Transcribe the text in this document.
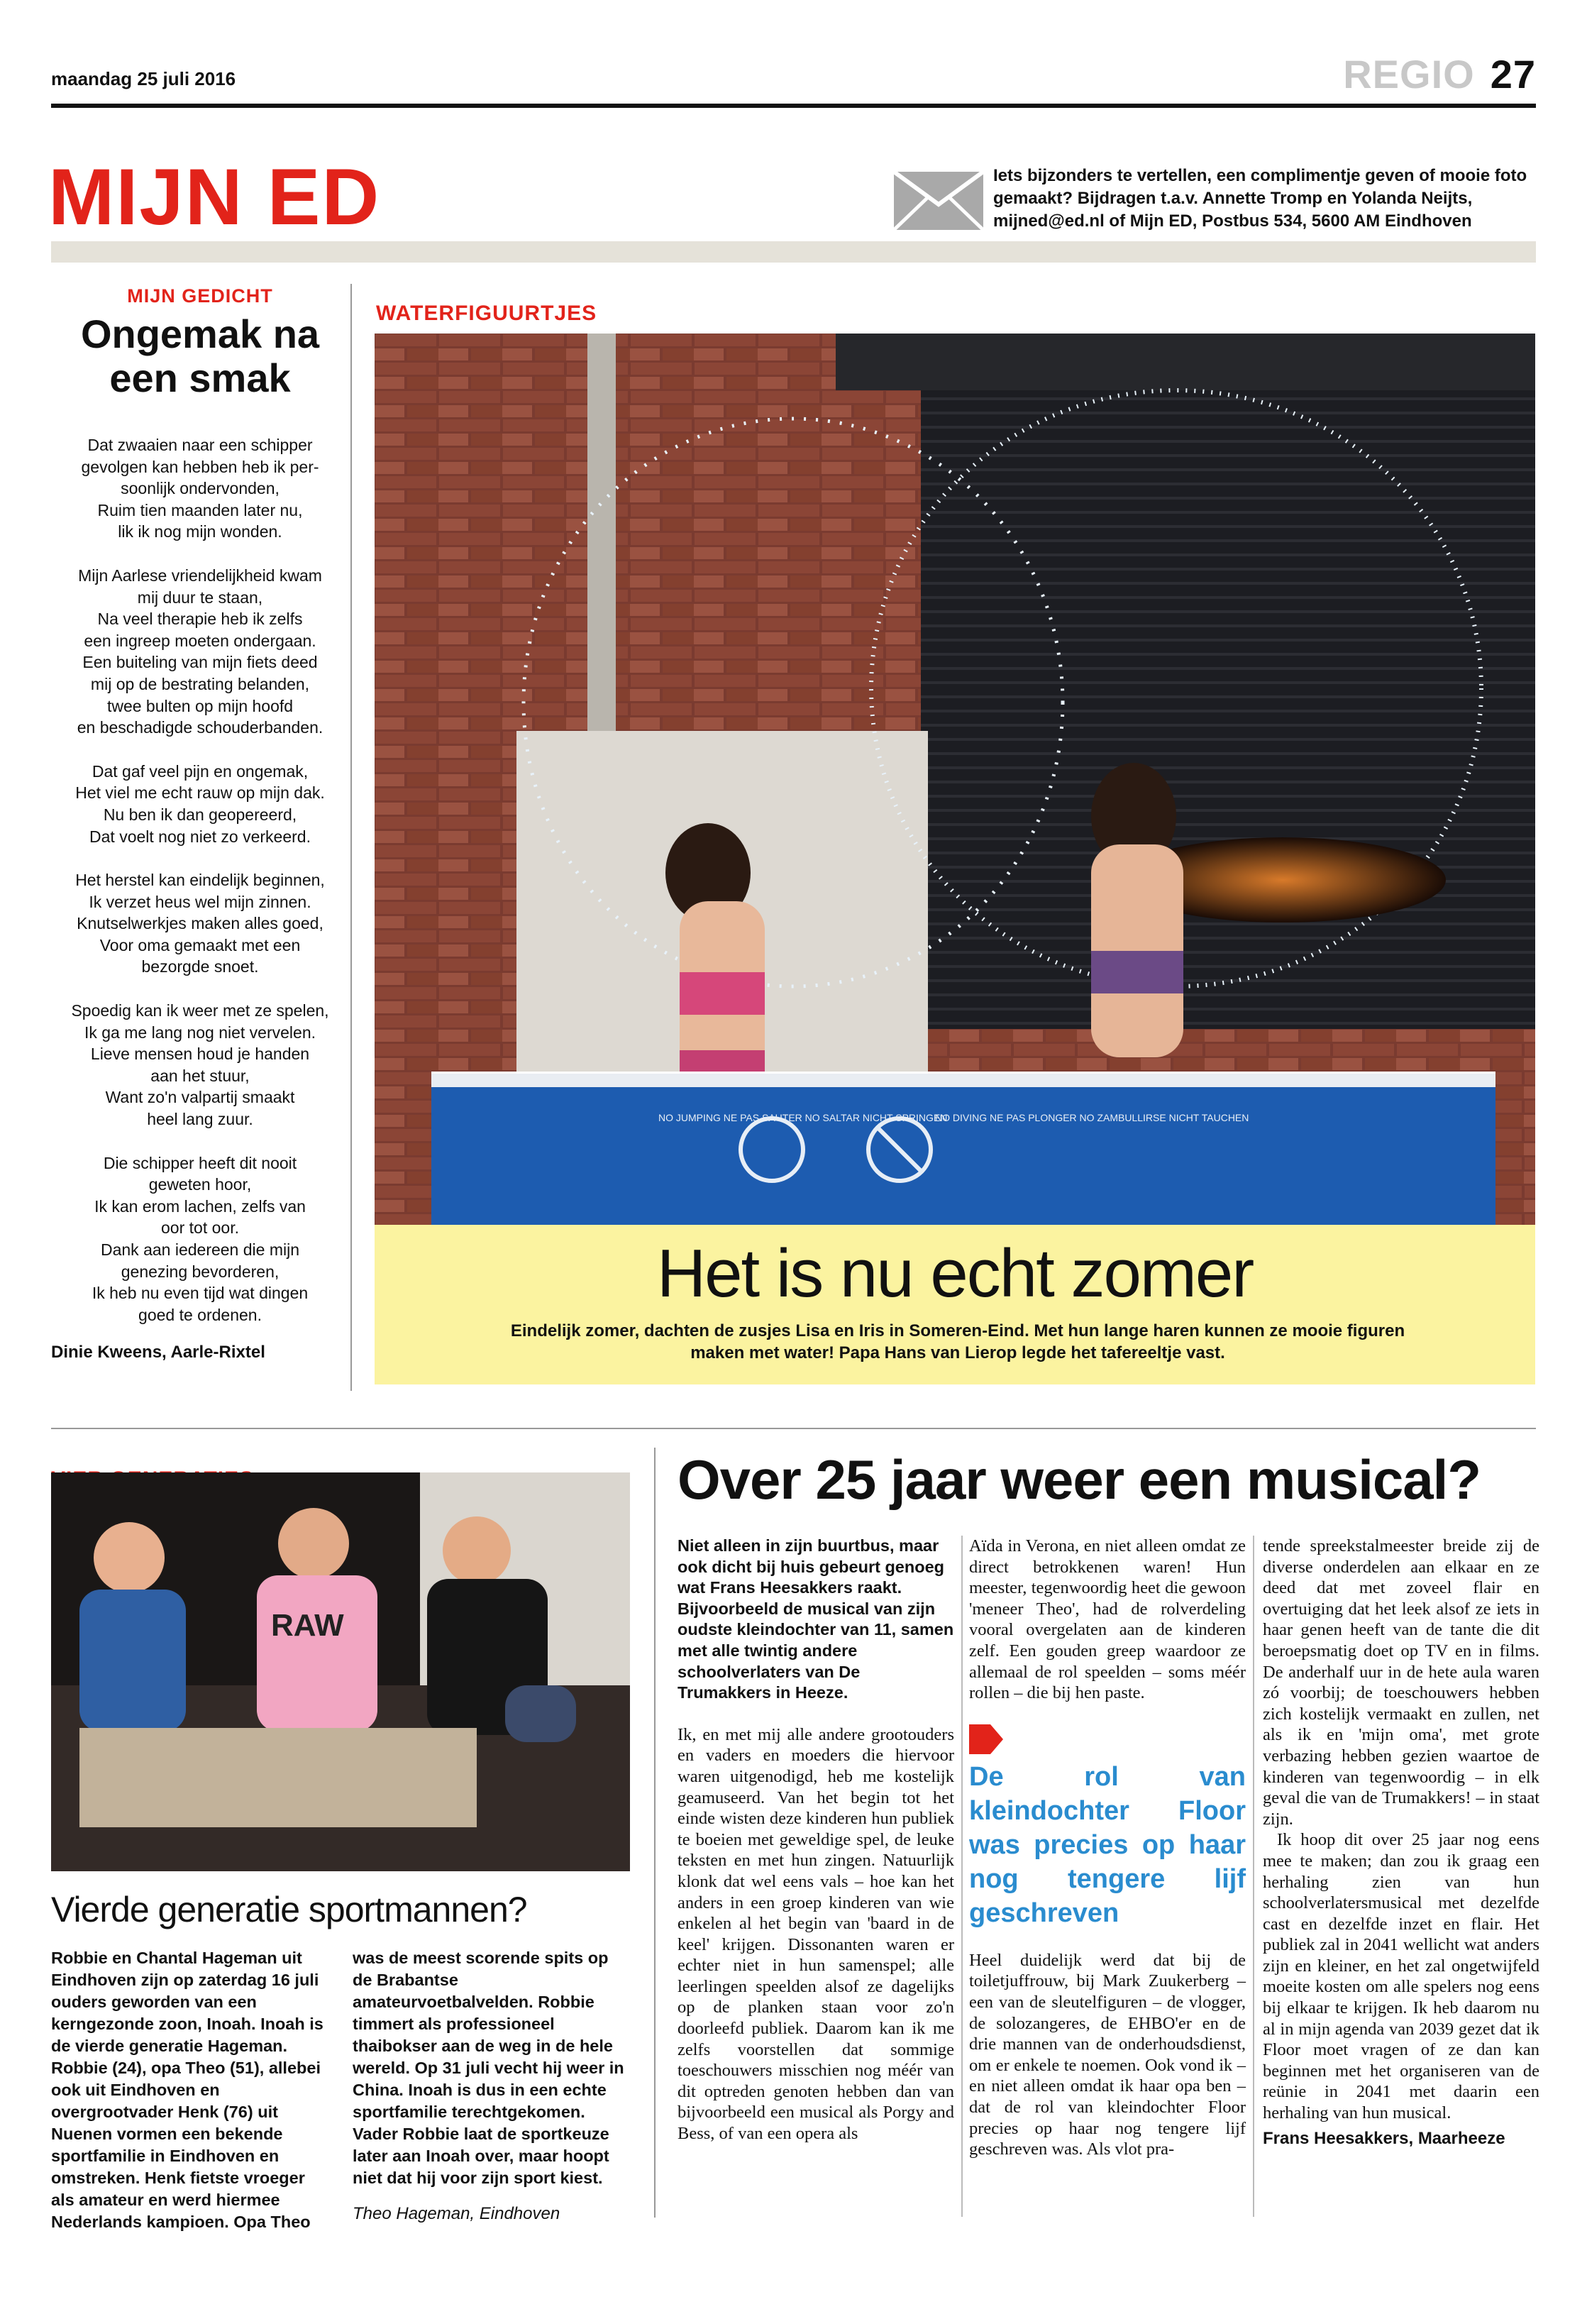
maandag 25 juli 2016	REGIO 27
MIJN ED	Iets bijzonders te vertellen, een complimentje geven of mooie foto gemaakt? Bijdragen t.a.v. Annette Tromp en Yolanda Neijts, mijned@ed.nl of Mijn ED, Postbus 534, 5600 AM Eindhoven
MIJN GEDICHT
Ongemak na een smak

Dat zwaaien naar een schipper
gevolgen kan hebben heb ik per-
soonlijk ondervonden,
Ruim tien maanden later nu,
lik ik nog mijn wonden.

Mijn Aarlese vriendelijkheid kwam
mij duur te staan,
Na veel therapie heb ik zelfs
een ingreep moeten ondergaan.
Een buiteling van mijn fiets deed
mij op de bestrating belanden,
twee bulten op mijn hoofd
en beschadigde schouderbanden.

Dat gaf veel pijn en ongemak,
Het viel me echt rauw op mijn dak.
Nu ben ik dan geopereerd,
Dat voelt nog niet zo verkeerd.

Het herstel kan eindelijk beginnen,
Ik verzet heus wel mijn zinnen.
Knutselwerkjes maken alles goed,
Voor oma gemaakt met een
bezorgde snoet.

Spoedig kan ik weer met ze spelen,
Ik ga me lang nog niet vervelen.
Lieve mensen houd je handen
aan het stuur,
Want zo'n valpartij smaakt
heel lang zuur.

Die schipper heeft dit nooit
geweten hoor,
Ik kan erom lachen, zelfs van
oor tot oor.
Dank aan iedereen die mijn
genezing bevorderen,
Ik heb nu even tijd wat dingen
goed te ordenen.

Dinie Kweens, Aarle-Rixtel
WATERFIGUURTJES
NO JUMPING NE PAS SAUTER NO SALTAR NICHT SPRINGEN
NO DIVING NE PAS PLONGER NO ZAMBULLIRSE NICHT TAUCHEN
Het is nu echt zomer
Eindelijk zomer, dachten de zusjes Lisa en Iris in Someren-Eind. Met hun lange haren kunnen ze mooie figuren maken met water! Papa Hans van Lierop legde het tafereeltje vast.
RAW
Vierde generatie sportmannen?
Robbie en Chantal Hageman uit Eindhoven zijn op zaterdag 16 juli ouders geworden van een kerngezonde zoon, Inoah. Inoah is de vierde generatie Hageman. Robbie (24), opa Theo (51), allebei ook uit Eindhoven en overgrootvader Henk (76) uit Nuenen vormen een bekende sportfamilie in Eindhoven en omstreken. Henk fietste vroeger als amateur en werd hiermee Nederlands kampioen. Opa Theo
was de meest scorende spits op de Brabantse amateurvoetbalvelden. Robbie timmert als professioneel thaibokser aan de weg in de hele wereld. Op 31 juli vecht hij weer in China. Inoah is dus in een echte sportfamilie terechtgekomen. Vader Robbie laat de sportkeuze later aan Inoah over, maar hoopt niet dat hij voor zijn sport kiest.
Theo Hageman, Eindhoven
Over 25 jaar weer een musical?

Niet alleen in zijn buurtbus, maar ook dicht bij huis gebeurt genoeg wat Frans Heesakkers raakt. Bijvoorbeeld de musical van zijn oudste kleindochter van 11, samen met alle twintig andere schoolverlaters van De Trumakkers in Heeze.

Ik, en met mij alle andere grootouders en vaders en moeders die hiervoor waren uitgenodigd, heb me kostelijk geamuseerd. Van het begin tot het einde wisten deze kinderen hun publiek te boeien met geweldige spel, de leuke teksten en met hun zingen. Natuurlijk klonk dat wel eens vals – hoe kan het anders in een groep kinderen van wie enkelen al het begin van 'baard in de keel' krijgen. Dissonanten waren er echter niet in hun samenspel; alle leerlingen speelden alsof ze dagelijks op de planken staan voor zo'n doorleefd publiek. Daarom kan ik me zelfs voorstellen dat sommige toeschouwers misschien nog méér van dit optreden genoten hebben dan van bijvoorbeeld een musical als Porgy and Bess, of van een opera als

Aïda in Verona, en niet alleen omdat ze direct betrokkenen waren! Hun meester, tegenwoordig heet die gewoon 'meneer Theo', had de rolverdeling vooral overgelaten aan de kinderen zelf. Een gouden greep waardoor ze allemaal de rol speelden – soms méér rollen – die bij hen paste.

De rol van kleindochter Floor was precies op haar nog tengere lijf geschreven

Heel duidelijk werd dat bij de toiletjuffrouw, bij Mark Zuukerberg – een van de sleutelfiguren – de vlogger, de solozangeres, de EHBO'er en de drie mannen van de onderhoudsdienst, om er enkele te noemen. Ook vond ik – en niet alleen omdat ik haar opa ben – dat de rol van kleindochter Floor precies op haar nog tengere lijf geschreven was. Als vlot pra-

tende spreekstalmeester breide zij de diverse onderdelen aan elkaar en ze deed dat met zoveel flair en overtuiging dat het leek alsof ze iets in haar genen heeft van de tante die dit beroepsmatig doet op TV en in films. De anderhalf uur in de hete aula waren zó voorbij; de toeschouwers hebben zich kostelijk vermaakt en zullen, net als ik en 'mijn oma', met grote verbazing hebben gezien waartoe de kinderen van tegenwoordig – in elk geval die van de Trumakkers! – in staat zijn.

Ik hoop dit over 25 jaar nog eens mee te maken; dan zou ik graag een herhaling zien van hun schoolverlatersmusical met dezelfde cast en dezelfde inzet en flair. Het publiek zal in 2041 wellicht wat anders zijn en kleiner, en het zal ongetwijfeld moeite kosten om alle spelers nog eens bij elkaar te krijgen. Ik heb daarom nu al in mijn agenda van 2039 gezet dat ik Floor moet vragen of ze dan kan beginnen met het organiseren van de reünie in 2041 met daarin een herhaling van hun musical.

Frans Heesakkers, Maarheeze
